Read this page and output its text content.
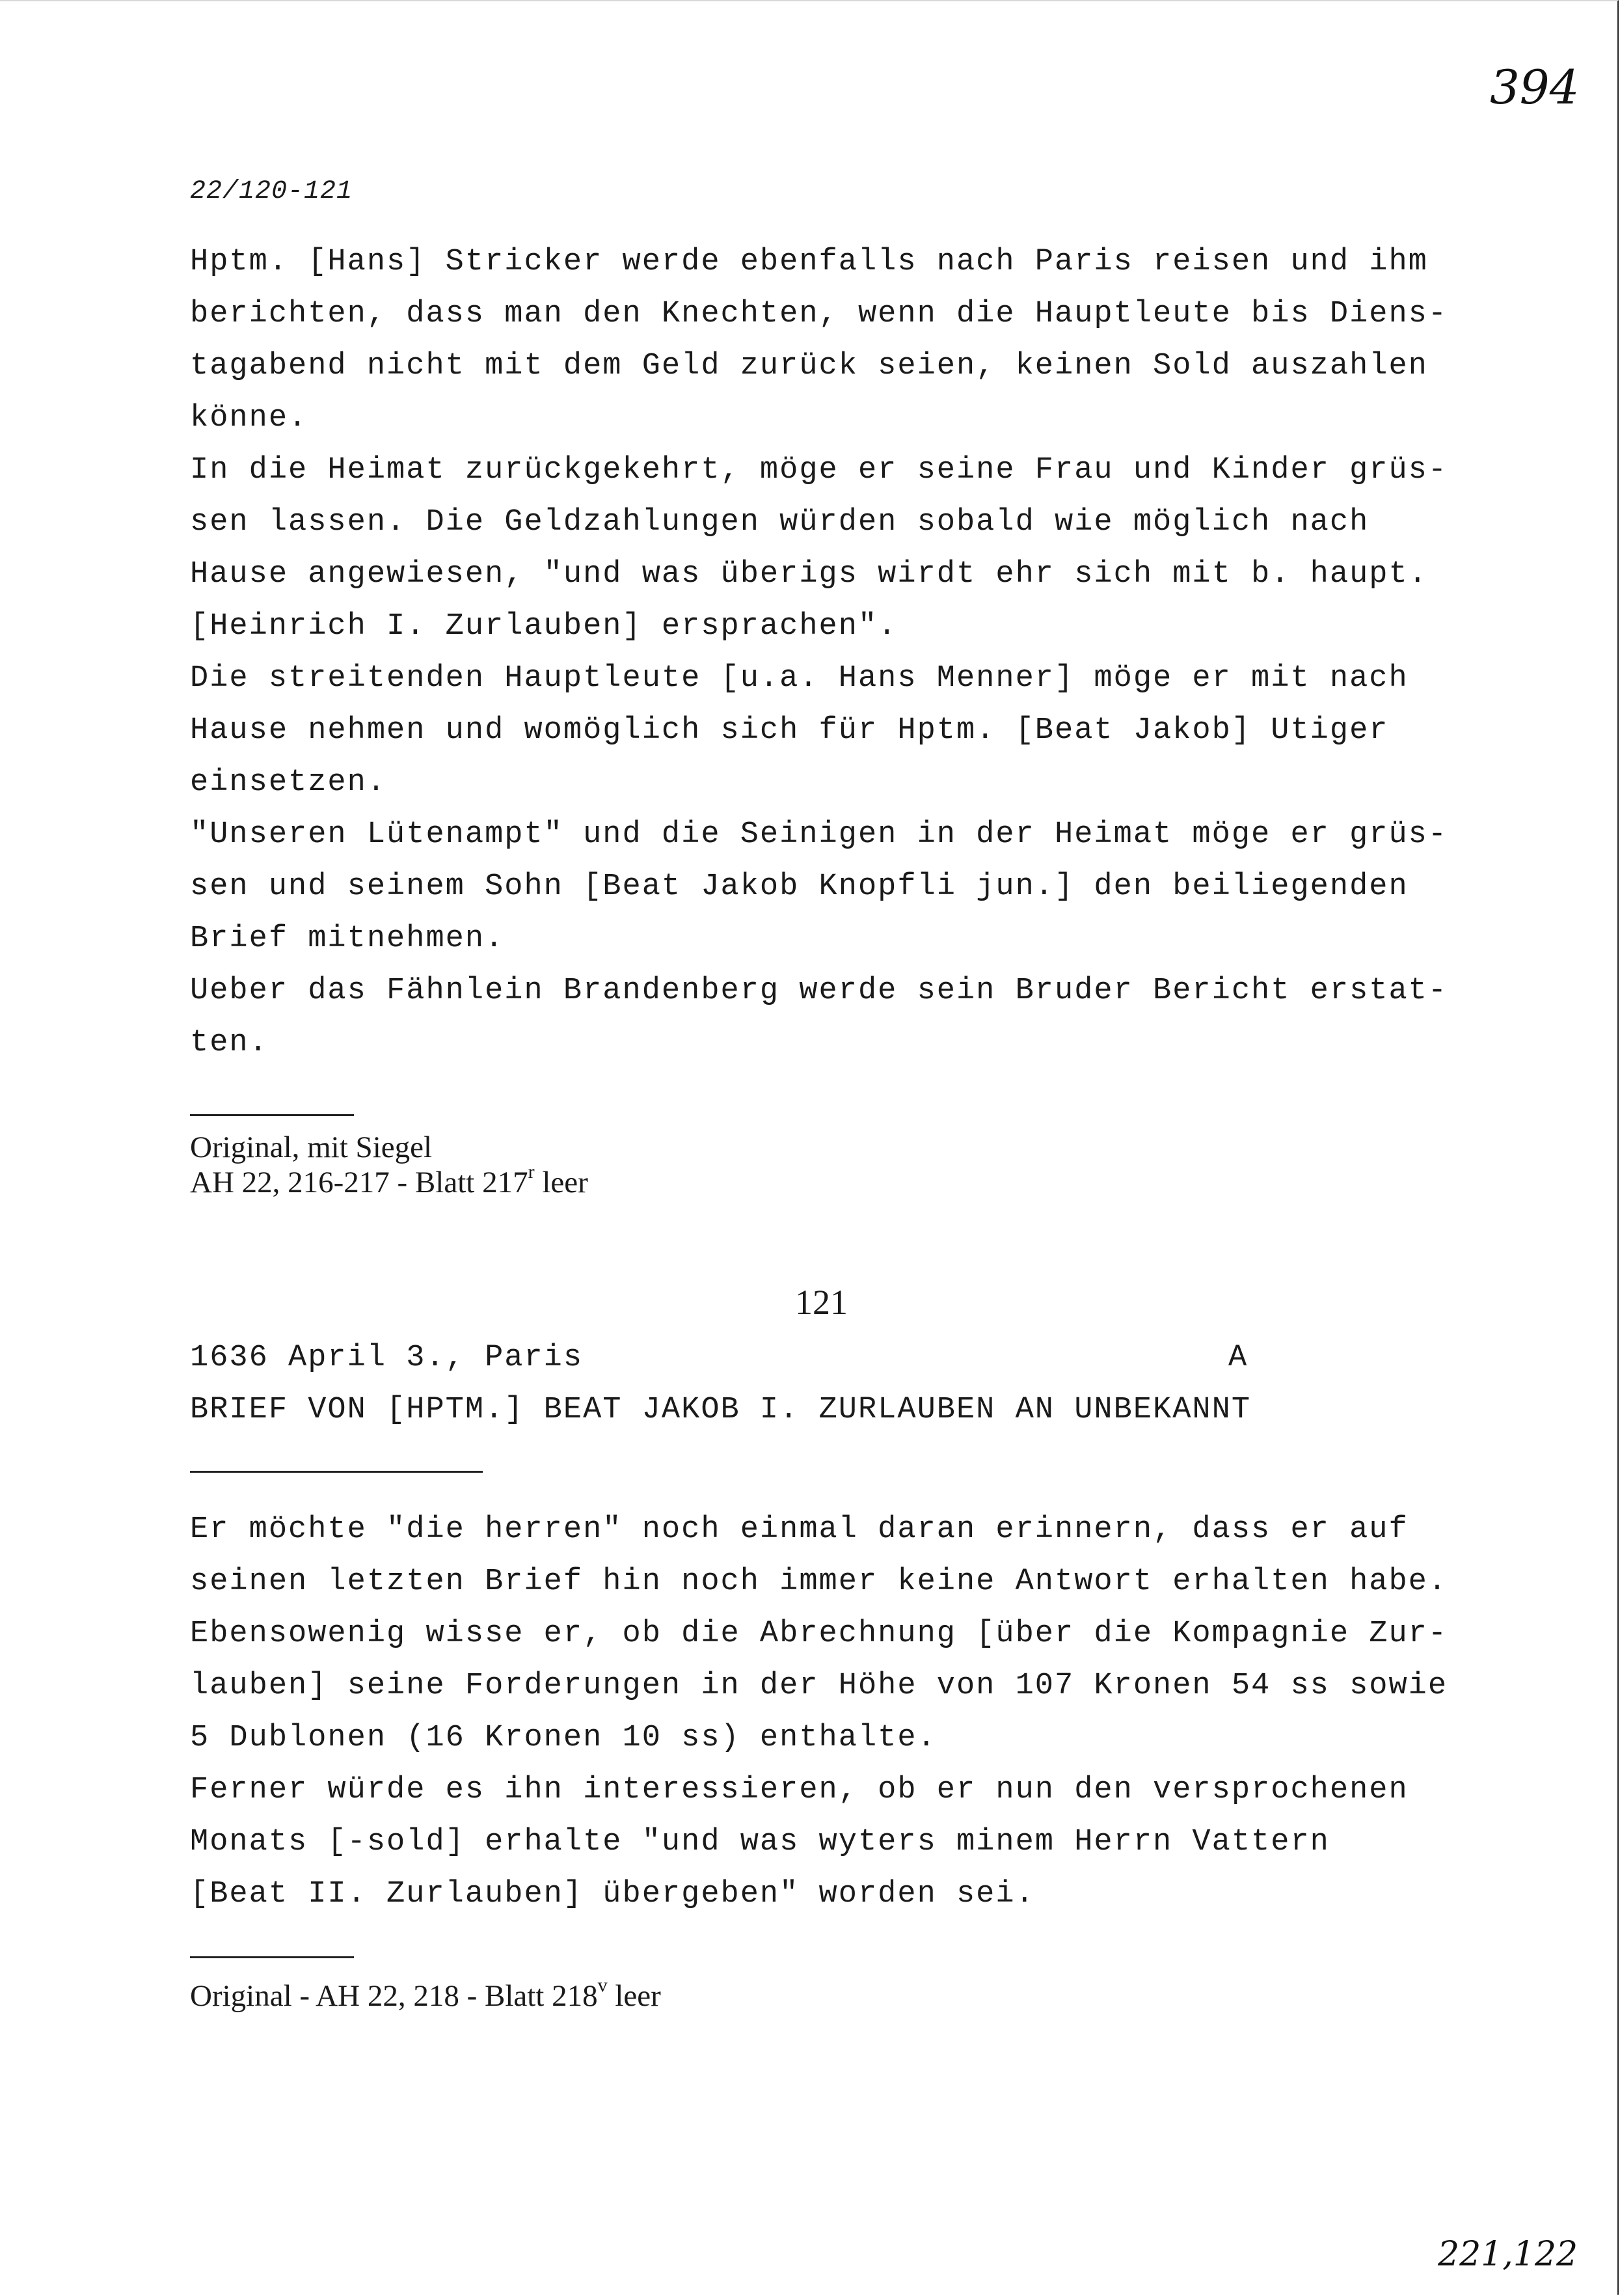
394
22/120-121
Hptm. [Hans] Stricker werde ebenfalls nach Paris reisen und ihm
berichten, dass man den Knechten, wenn die Hauptleute bis Diens-
tagabend nicht mit dem Geld zurück seien, keinen Sold auszahlen
könne.
In die Heimat zurückgekehrt, möge er seine Frau und Kinder grüs-
sen lassen. Die Geldzahlungen würden sobald wie möglich nach
Hause angewiesen, "und was überigs wirdt ehr sich mit b. haupt.
[Heinrich I. Zurlauben] ersprachen".
Die streitenden Hauptleute [u.a. Hans Menner] möge er mit nach
Hause nehmen und womöglich sich für Hptm. [Beat Jakob] Utiger
einsetzen.
"Unseren Lütenampt" und die Seinigen in der Heimat möge er grüs-
sen und seinem Sohn [Beat Jakob Knopfli jun.] den beiliegenden
Brief mitnehmen.
Ueber das Fähnlein Brandenberg werde sein Bruder Bericht erstat-
ten.
Original, mit Siegel
AH 22, 216-217 - Blatt 217$^r$ leer
121
1636 April 3., Paris	A
BRIEF VON [HPTM.] BEAT JAKOB I. ZURLAUBEN AN UNBEKANNT
Er möchte "die herren" noch einmal daran erinnern, dass er auf
seinen letzten Brief hin noch immer keine Antwort erhalten habe.
Ebensowenig wisse er, ob die Abrechnung [über die Kompagnie Zur-
lauben] seine Forderungen in der Höhe von 107 Kronen 54 ss sowie
5 Dublonen (16 Kronen 10 ss) enthalte.
Ferner würde es ihn interessieren, ob er nun den versprochenen
Monats [-sold] erhalte "und was wyters minem Herrn Vattern
[Beat II. Zurlauben] übergeben" worden sei.
Original - AH 22, 218 - Blatt 218$^v$ leer
221,122
